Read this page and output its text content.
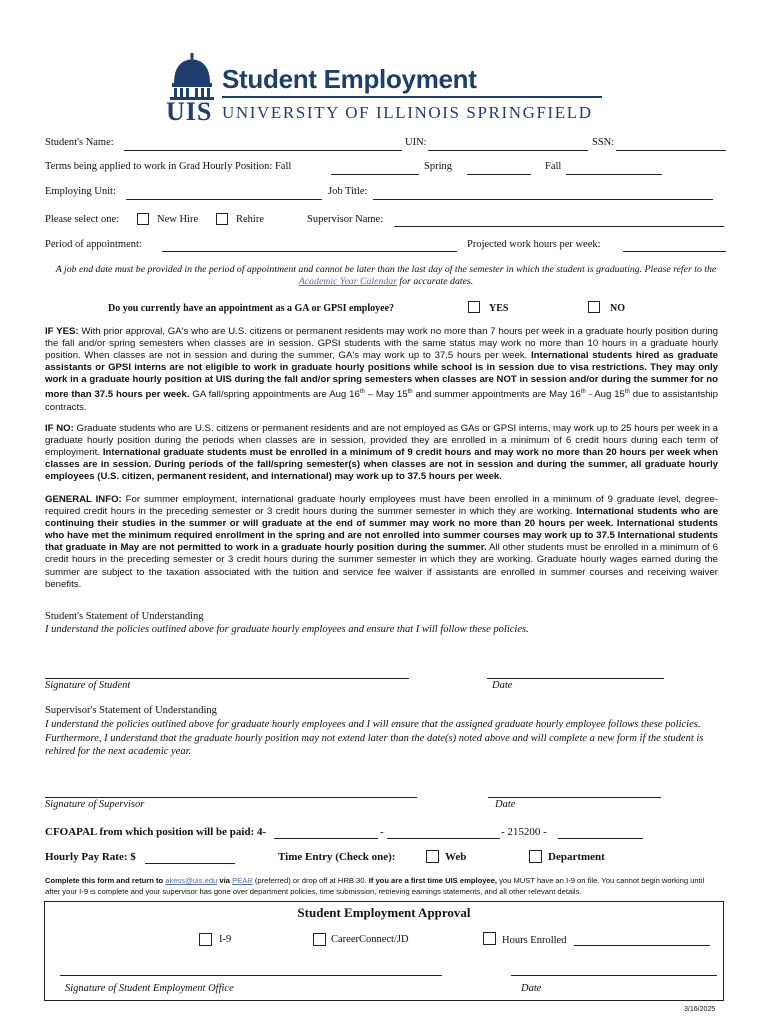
UIS
Student Employment
UNIVERSITY OF ILLINOIS SPRINGFIELD
Student's Name:	UIN:	SSN:
Terms being applied to work in Grad Hourly Position: Fall	Spring	Fall
Employing Unit:	Job Title:
Please select one:	New Hire	Rehire	Supervisor Name:
Period of appointment:	Projected work hours per week:
A job end date must be provided in the period of appointment and cannot be later than the last day of the semester in which the student is graduating. Please refer to the Academic Year Calendar for accurate dates.
Do you currently have an appointment as a GA or GPSI employee?	YES	NO
IF YES: With prior approval, GA's who are U.S. citizens or permanent residents may work no more than 7 hours per week in a graduate hourly position during the fall and/or spring semesters when classes are in session. GPSI students with the same status may work no more than 10 hours in a graduate hourly position. When classes are not in session and during the summer, GA's may work up to 37.5 hours per week. International students hired as graduate assistants or GPSI interns are not eligible to work in graduate hourly positions while school is in session due to visa restrictions. They may only work in a graduate hourly position at UIS during the fall and/or spring semesters when classes are NOT in session and/or during the summer for no more than 37.5 hours per week. GA fall/spring appointments are Aug 16th – May 15th and summer appointments are May 16th - Aug 15th due to assistantship contracts.
IF NO: Graduate students who are U.S. citizens or permanent residents and are not employed as GAs or GPSI interns, may work up to 25 hours per week in a graduate hourly position during the periods when classes are in session, provided they are enrolled in a minimum of 6 credit hours during each term of employment. International graduate students must be enrolled in a minimum of 9 credit hours and may work no more than 20 hours per week when classes are in session. During periods of the fall/spring semester(s) when classes are not in session and during the summer, all graduate hourly employees (U.S. citizen, permanent resident, and international) may work up to 37.5 hours per week.
GENERAL INFO: For summer employment, international graduate hourly employees must have been enrolled in a minimum of 9 graduate level, degree-required credit hours in the preceding semester or 3 credit hours during the summer semester in which they are working. International students who are continuing their studies in the summer or will graduate at the end of summer may work no more than 20 hours per week. International students who have met the minimum required enrollment in the spring and are not enrolled into summer courses may work up to 37.5 International students that graduate in May are not permitted to work in a graduate hourly position during the summer. All other students must be enrolled in a minimum of 6 credit hours in the preceding semester or 3 credit hours during the summer semester in which they are working. Graduate hourly wages earned during the summer are subject to the taxation associated with the tuition and service fee waiver if assistants are enrolled in summer courses and receiving waiver benefits.
Student's Statement of Understanding
I understand the policies outlined above for graduate hourly employees and ensure that I will follow these policies.
Signature of Student	Date
Supervisor's Statement of Understanding
I understand the policies outlined above for graduate hourly employees and I will ensure that the assigned graduate hourly employee follows these policies. Furthermore, I understand that the graduate hourly position may not extend later than the date(s) noted above and will complete a new form if the student is rehired for the next academic year.
Signature of Supervisor	Date
CFOAPAL from which position will be paid: 4-	-	- 215200 -
Hourly Pay Rate: $	Time Entry (Check one):	Web	Department
Complete this form and return to akess@uis.edu via PEAR (preferred) or drop off at HRB 30. If you are a first time UIS employee, you MUST have an I-9 on file. You cannot begin working until after your I-9 is complete and your supervisor has gone over department policies, time submission, retrieving earnings statements, and all other relevant details.
Student Employment Approval
I-9	CareerConnect/JD	Hours Enrolled
Signature of Student Employment Office	Date
3/16/2025
